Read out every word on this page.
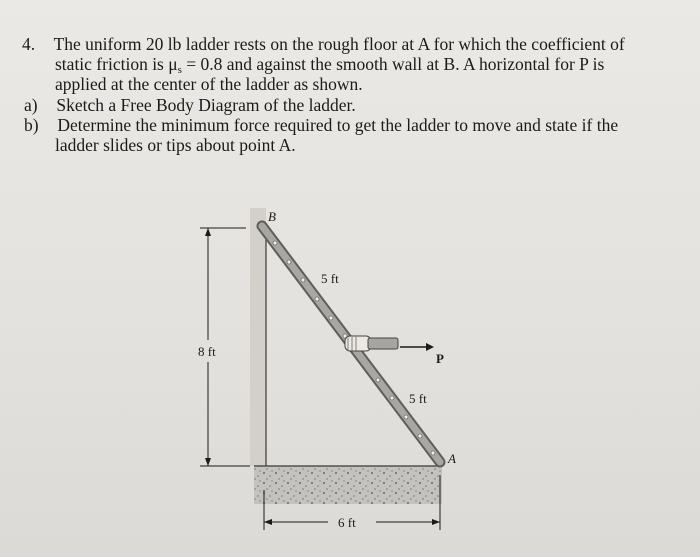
4. The uniform 20 lb ladder rests on the rough floor at A for which the coefficient of
static friction is $\mu_s = 0.8$ and against the smooth wall at B. A horizontal for P is
applied at the center of the ladder as shown.
a) Sketch a Free Body Diagram of the ladder.
b) Determine the minimum force required to get the ladder to move and state if the
ladder slides or tips about point A.
B
A
P
5 ft
5 ft
8 ft
6 ft
